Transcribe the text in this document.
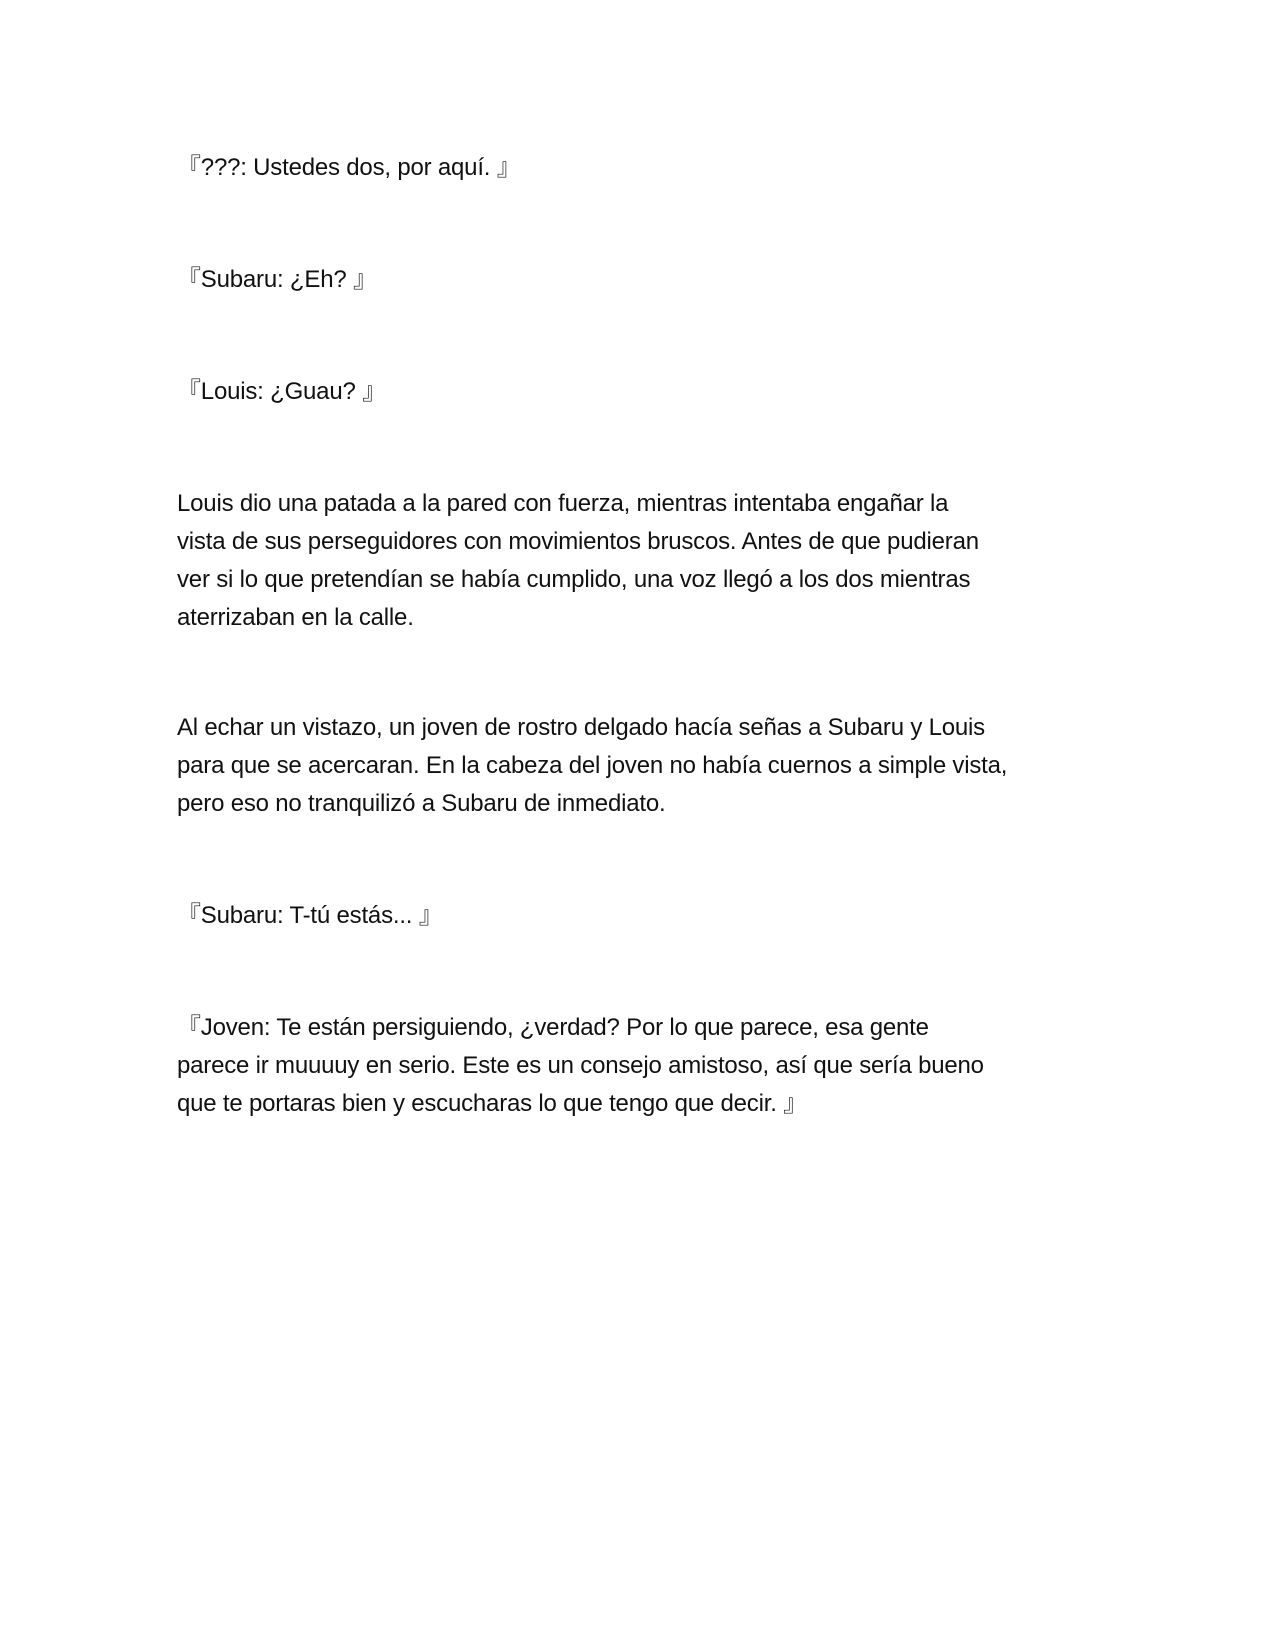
『???: Ustedes dos, por aquí. 』

『Subaru: ¿Eh? 』

『Louis: ¿Guau? 』

Louis dio una patada a la pared con fuerza, mientras intentaba engañar la
vista de sus perseguidores con movimientos bruscos. Antes de que pudieran
ver si lo que pretendían se había cumplido, una voz llegó a los dos mientras
aterrizaban en la calle.

Al echar un vistazo, un joven de rostro delgado hacía señas a Subaru y Louis
para que se acercaran. En la cabeza del joven no había cuernos a simple vista,
pero eso no tranquilizó a Subaru de inmediato.

『Subaru: T-tú estás... 』

『Joven: Te están persiguiendo, ¿verdad? Por lo que parece, esa gente
parece ir muuuuy en serio. Este es un consejo amistoso, así que sería bueno
que te portaras bien y escucharas lo que tengo que decir. 』
